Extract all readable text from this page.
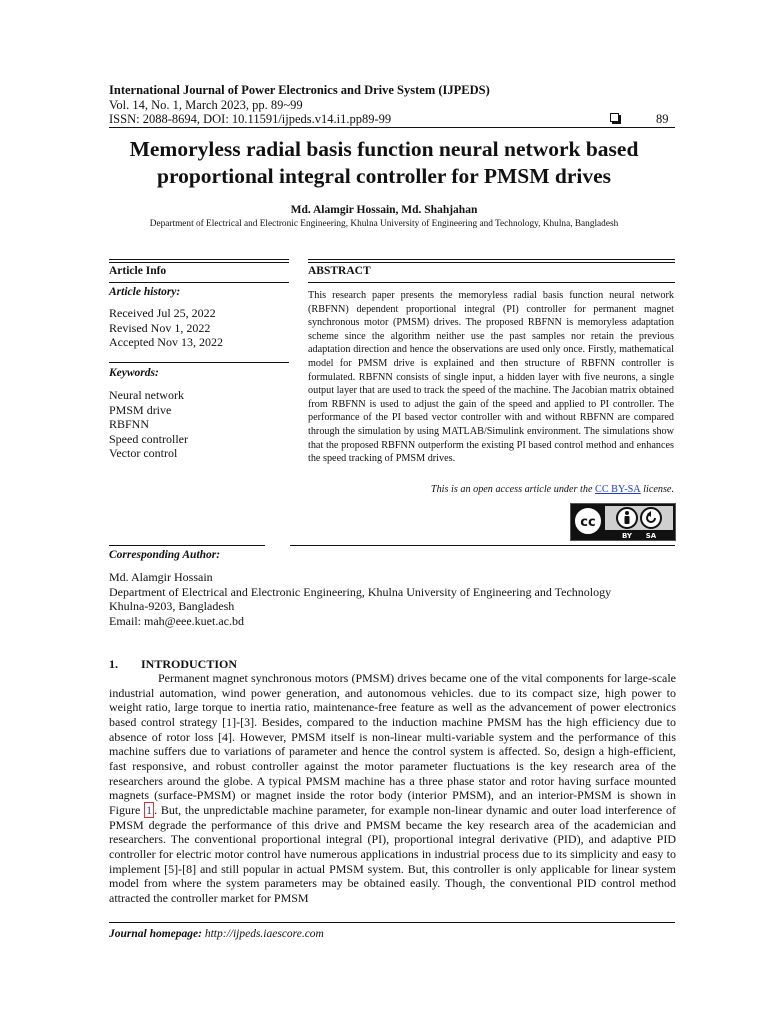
International Journal of Power Electronics and Drive System (IJPEDS)
Vol. 14, No. 1, March 2023, pp. 89~99
ISSN: 2088-8694, DOI: 10.11591/ijpeds.v14.i1.pp89-99	89
Memoryless radial basis function neural network based
proportional integral controller for PMSM drives
Md. Alamgir Hossain, Md. Shahjahan
Department of Electrical and Electronic Engineering, Khulna University of Engineering and Technology, Khulna, Bangladesh
Article Info
Article history:
Received Jul 25, 2022
Revised Nov 1, 2022
Accepted Nov 13, 2022
Keywords:
Neural network
PMSM drive
RBFNN
Speed controller
Vector control
ABSTRACT
This research paper presents the memoryless radial basis function neural network (RBFNN) dependent proportional integral (PI) controller for permanent magnet synchronous motor (PMSM) drives. The proposed RBFNN is memoryless adaptation scheme since the algorithm neither use the past samples nor retain the previous adaptation direction and hence the observations are used only once. Firstly, mathematical model for PMSM drive is explained and then structure of RBFNN controller is formulated. RBFNN consists of single input, a hidden layer with five neurons, a single output layer that are used to track the speed of the machine. The Jacobian matrix obtained from RBFNN is used to adjust the gain of the speed and applied to PI controller. The performance of the PI based vector controller with and without RBFNN are compared through the simulation by using MATLAB/Simulink environment. The simulations show that the proposed RBFNN outperform the existing PI based control method and enhances the speed tracking of PMSM drives.
This is an open access article under the CC BY-SA license.
cc
BY SA
Corresponding Author:
Md. Alamgir Hossain
Department of Electrical and Electronic Engineering, Khulna University of Engineering and Technology
Khulna-9203, Bangladesh
Email: mah@eee.kuet.ac.bd
1. INTRODUCTION
Permanent magnet synchronous motors (PMSM) drives became one of the vital components for large-scale industrial automation, wind power generation, and autonomous vehicles. due to its compact size, high power to weight ratio, large torque to inertia ratio, maintenance-free feature as well as the advancement of power electronics based control strategy [1]-[3]. Besides, compared to the induction machine PMSM has the high efficiency due to absence of rotor loss [4]. However, PMSM itself is non-linear multi-variable system and the performance of this machine suffers due to variations of parameter and hence the control system is affected. So, design a high-efficient, fast responsive, and robust controller against the motor parameter fluctuations is the key research area of the researchers around the globe. A typical PMSM machine has a three phase stator and rotor having surface mounted magnets (surface-PMSM) or magnet inside the rotor body (interior PMSM), and an interior-PMSM is shown in Figure 1 . But, the unpredictable machine parameter, for example non-linear dynamic and outer load interference of PMSM degrade the performance of this drive and PMSM became the key research area of the academician and researchers. The conventional proportional integral (PI), proportional integral derivative (PID), and adaptive PID controller for electric motor control have numerous applications in industrial process due to its simplicity and easy to implement [5]-[8] and still popular in actual PMSM system. But, this controller is only applicable for linear system model from where the system parameters may be obtained easily. Though, the conventional PID control method attracted the controller market for PMSM
Journal homepage: http://ijpeds.iaescore.com
